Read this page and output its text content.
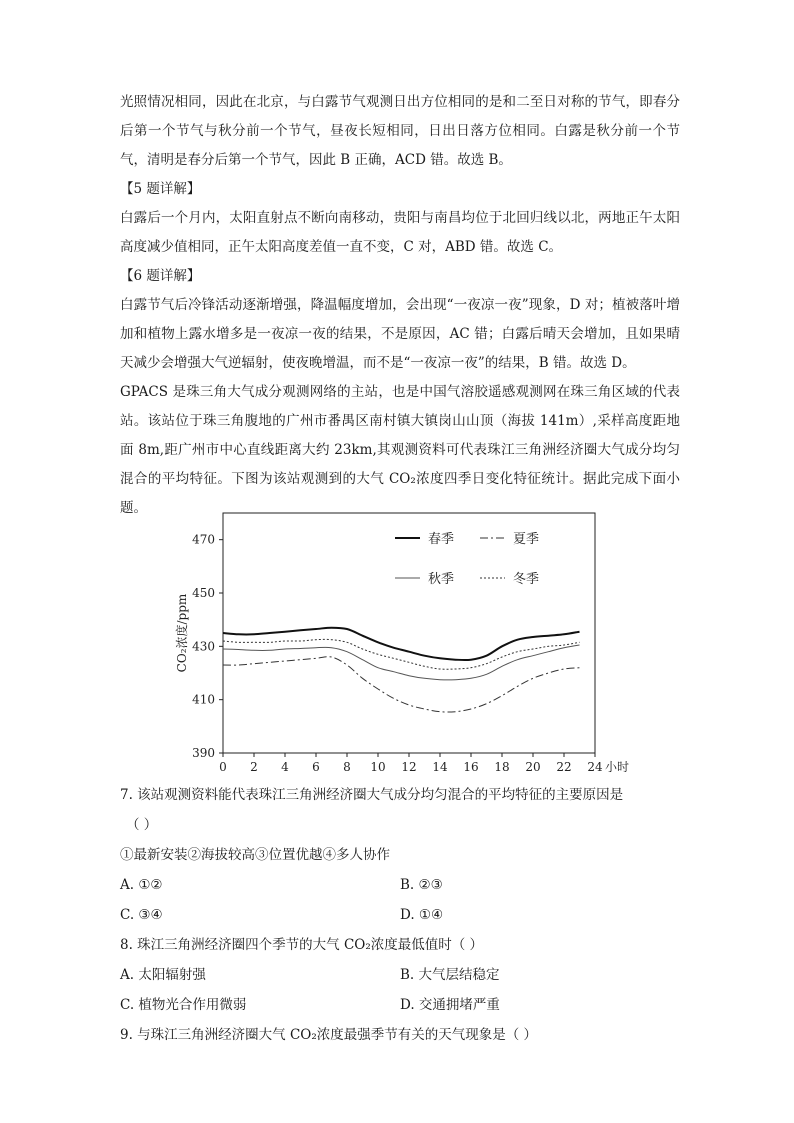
光照情况相同，因此在北京，与白露节气观测日出方位相同的是和二至日对称的节气，即春分后第一个节气与秋分前一个节气，昼夜长短相同，日出日落方位相同。白露是秋分前一个节气，清明是春分后第一个节气，因此 B 正确，ACD 错。故选 B。

【5 题详解】

白露后一个月内，太阳直射点不断向南移动，贵阳与南昌均位于北回归线以北，两地正午太阳高度减少值相同，正午太阳高度差值一直不变，C 对，ABD 错。故选 C。

【6 题详解】

白露节气后冷锋活动逐渐增强，降温幅度增加，会出现“一夜凉一夜”现象，D 对；植被落叶增加和植物上露水增多是一夜凉一夜的结果，不是原因，AC 错；白露后晴天会增加，且如果晴天减少会增强大气逆辐射，使夜晚增温，而不是“一夜凉一夜”的结果，B 错。故选 D。

GPACS 是珠三角大气成分观测网络的主站，也是中国气溶胶遥感观测网在珠三角区域的代表站。该站位于珠三角腹地的广州市番禺区南村镇大镇岗山山顶（海拔 141m）,采样高度距地面 8m,距广州市中心直线距离大约 23km,其观测资料可代表珠江三角洲经济圈大气成分均匀混合的平均特征。下图为该站观测到的大气 CO₂浓度四季日变化特征统计。据此完成下面小题。

0 2 4 6 8 10 12 14 16 18 20 22 24 小时
390
410
430
450
470
CO₂浓度/ppm
春季	夏季
秋季	冬季

7. 该站观测资料能代表珠江三角洲经济圈大气成分均匀混合的平均特征的主要原因是

（ ）

①最新安装②海拔较高③位置优越④多人协作

A. ①②	B. ②③
C. ③④	D. ①④

8. 珠江三角洲经济圈四个季节的大气 CO₂浓度最低值时（ ）

A. 太阳辐射强	B. 大气层结稳定
C. 植物光合作用微弱	D. 交通拥堵严重

9. 与珠江三角洲经济圈大气 CO₂浓度最强季节有关的天气现象是（ ）
